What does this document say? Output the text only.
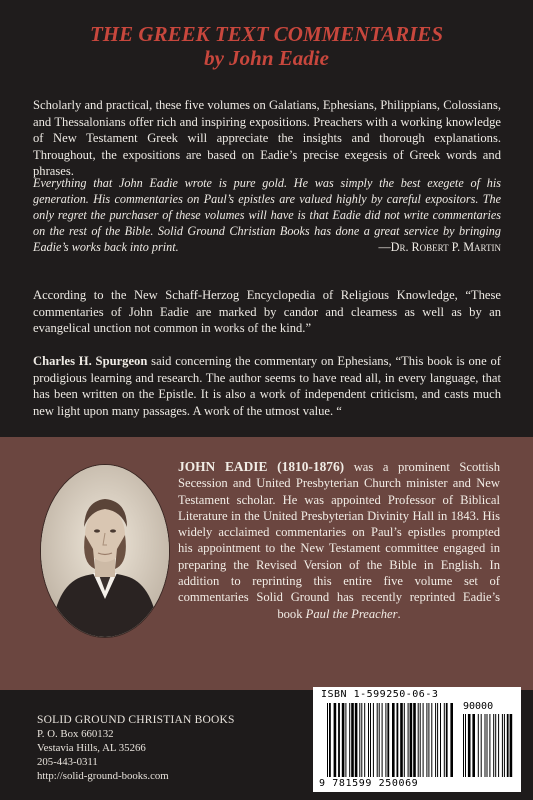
THE GREEK TEXT COMMENTARIES
by John Eadie
Scholarly and practical, these five volumes on Galatians, Ephesians, Philippians, Colossians, and Thessalonians offer rich and inspiring expositions. Preachers with a working knowledge of New Testament Greek will appreciate the insights and thorough explanations. Throughout, the expositions are based on Eadie’s precise exegesis of Greek words and phrases.
Everything that John Eadie wrote is pure gold. He was simply the best exegete of his generation. His commentaries on Paul’s epistles are valued highly by careful expositors. The only regret the purchaser of these volumes will have is that Eadie did not write commentaries on the rest of the Bible. Solid Ground Christian Books has done a great service by bringing Eadie’s works back into print.	—Dr. Robert P. Martin
According to the New Schaff-Herzog Encyclopedia of Religious Knowledge, “These commentaries of John Eadie are marked by candor and clearness as well as by an evangelical unction not common in works of the kind.”
Charles H. Spurgeon said concerning the commentary on Ephesians, “This book is one of prodigious learning and research. The author seems to have read all, in every language, that has been written on the Epistle. It is also a work of independent criticism, and casts much new light upon many passages. A work of the utmost value. “
JOHN EADIE (1810-1876) was a prominent Scottish Secession and United Presbyterian Church minister and New Testament scholar. He was appointed Professor of Biblical Literature in the United Presbyterian Divinity Hall in 1843. His widely acclaimed commentaries on Paul’s epistles prompted his appointment to the New Testament committee engaged in preparing the Revised Version of the Bible in English. In addition to reprinting this entire five volume set of commentaries Solid Ground has recently reprinted Eadie’s book Paul the Preacher.
SOLID GROUND CHRISTIAN BOOKS
P. O. Box 660132
Vestavia Hills, AL 35266
205-443-0311
http://solid-ground-books.com
ISBN 1-599250-06-3
90000
9 781599 250069
